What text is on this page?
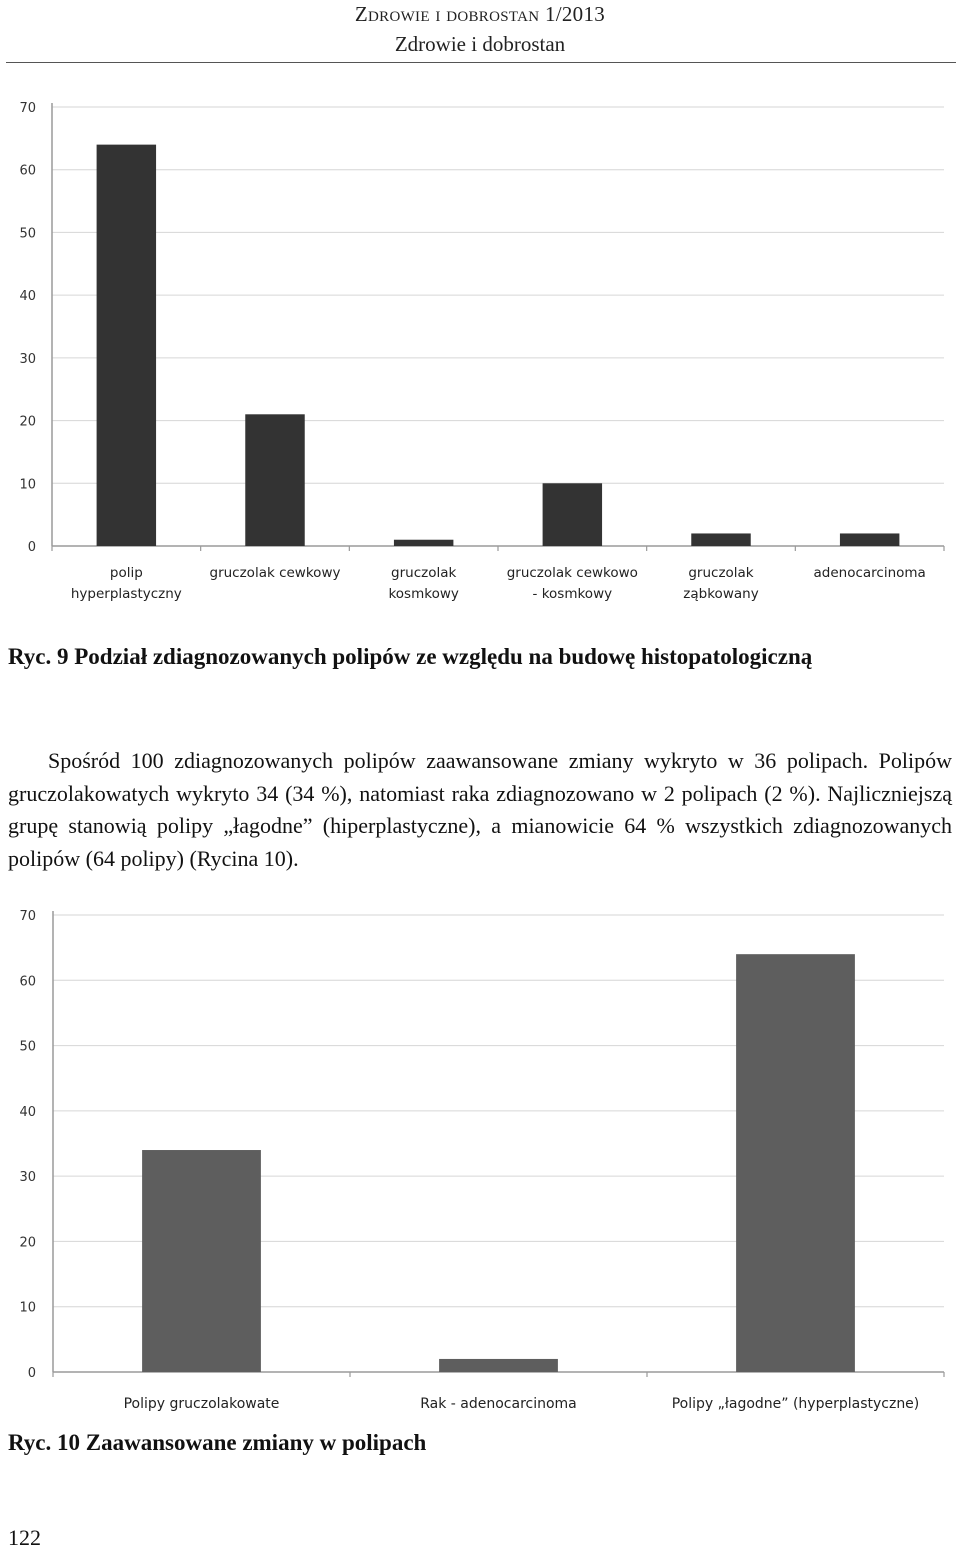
Zdrowie i dobrostan 1/2013
Zdrowie i dobrostan
0
10
20
30
40
50
60
70
polip
hyperplastyczny
gruczolak cewkowy	gruczolak
kosmkowy
gruczolak cewkowo
- kosmkowy
gruczolak
ząbkowany
adenocarcinoma
Ryc. 9 Podział zdiagnozowanych polipów ze względu na budowę histopatologiczną
Spośród 100 zdiagnozowanych polipów zaawansowane zmiany wykryto w 36 polipach. Polipów gruczolakowatych wykryto 34 (34 %), natomiast raka zdiagnozowano w 2 polipach (2 %). Najliczniejszą grupę stanowią polipy „łagodne” (hiperplastyczne), a mianowicie 64 % wszystkich zdiagnozowanych polipów (64 polipy) (Rycina 10).
0
10
20
30
40
50
60
70
Polipy gruczolakowate	Rak - adenocarcinoma	Polipy „łagodne” (hyperplastyczne)
Ryc. 10 Zaawansowane zmiany w polipach
122
